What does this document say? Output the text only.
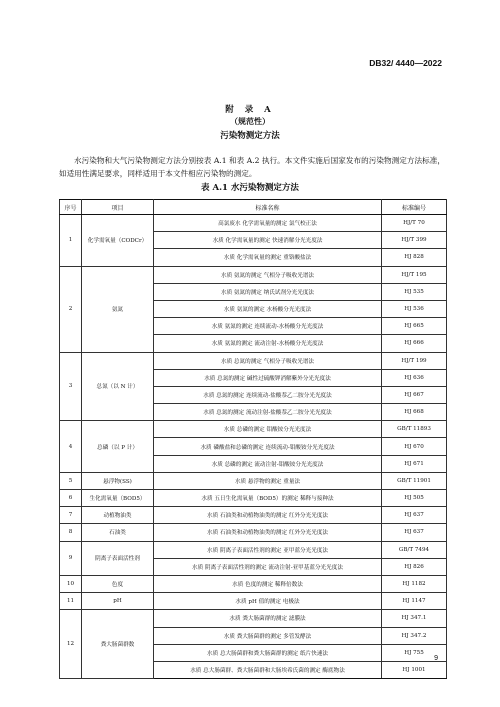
DB32/ 4440—2022
附 录 A
（规范性）
污染物测定方法

水污染物和大气污染物测定方法分别按表 A.1 和表 A.2 执行。本文件实施后国家发布的污染物测定方法标准，如适用性满足要求，同样适用于本文件相应污染物的测定。

表 A.1 水污染物测定方法
序号	项目	标准名称	标准编号
1	化学需氧量（CODCr）	高氯废水 化学需氧量的测定 氯气校正法	HJ/T 70
		水质 化学需氧量的测定 快速消解分光光度法	HJ/T 399
		水质 化学需氧量的测定 重铬酸盐法	HJ 828
2	氨氮	水质 氨氮的测定 气相分子吸收光谱法	HJ/T 195
		水质 氨氮的测定 纳氏试剂分光光度法	HJ 535
		水质 氨氮的测定 水杨酸分光光度法	HJ 536
		水质 氨氮的测定 连续流动-水杨酸分光光度法	HJ 665
		水质 氨氮的测定 流动注射-水杨酸分光光度法	HJ 666
3	总氮（以 N 计）	水质 总氮的测定 气相分子吸收光谱法	HJ/T 199
		水质 总氮的测定 碱性过硫酸钾消解紫外分光光度法	HJ 636
		水质 总氮的测定 连续流动-盐酸萘乙二胺分光光度法	HJ 667
		水质 总氮的测定 流动注射-盐酸萘乙二胺分光光度法	HJ 668
4	总磷（以 P 计）	水质 总磷的测定 钼酸铵分光光度法	GB/T 11893
		水质 磷酸盐和总磷的测定 连续流动-钼酸铵分光光度法	HJ 670
		水质 总磷的测定 流动注射-钼酸铵分光光度法	HJ 671
5	悬浮物(SS)	水质 悬浮物的测定 重量法	GB/T 11901
6	生化需氧量（BOD5）	水质 五日生化需氧量（BOD5）的测定 稀释与接种法	HJ 505
7	动植物油类	水质 石油类和动植物油类的测定 红外分光光度法	HJ 637
8	石油类	水质 石油类和动植物油类的测定 红外分光光度法	HJ 637
9	阴离子表面活性剂	水质 阴离子表面活性剂的测定 亚甲蓝分光光度法	GB/T 7494
		水质 阴离子表面活性剂的测定 流动注射-亚甲基蓝分光光度法	HJ 826
10	色度	水质 色度的测定 稀释倍数法	HJ 1182
11	pH	水质 pH 值的测定 电极法	HJ 1147
12	粪大肠菌群数	水质 粪大肠菌群的测定 滤膜法	HJ 347.1
		水质 粪大肠菌群的测定 多管发酵法	HJ 347.2
		水质 总大肠菌群和粪大肠菌群的测定 纸片快速法	HJ 755
		水质 总大肠菌群、粪大肠菌群和大肠埃希氏菌的测定 酶底物法	HJ 1001
9
